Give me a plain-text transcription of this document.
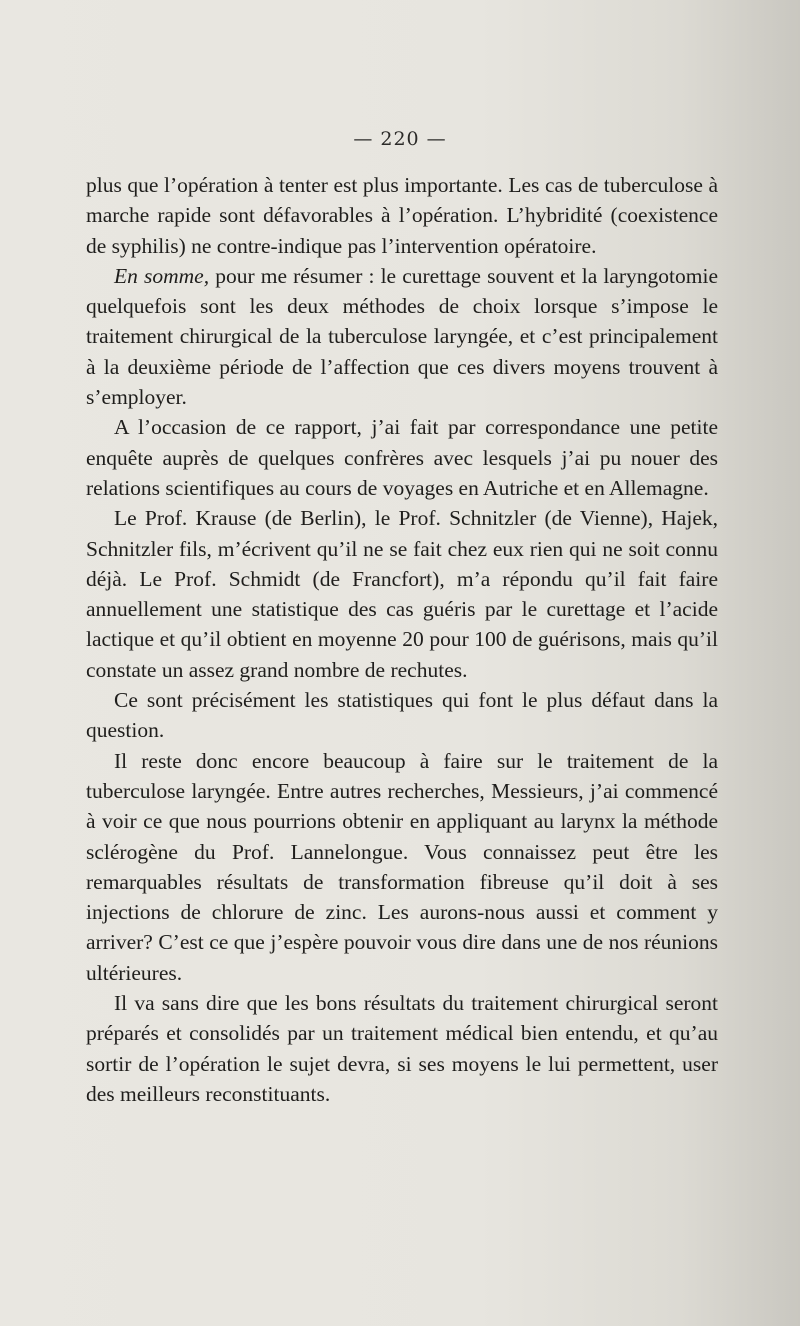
— 220 —

plus que l’opération à tenter est plus importante. Les cas de tuberculose à marche rapide sont défavorables à l’opération. L’hybridité (coexistence de syphilis) ne contre-indique pas l’intervention opératoire.

En somme, pour me résumer : le curettage souvent et la laryngotomie quelquefois sont les deux méthodes de choix lorsque s’impose le traitement chirurgical de la tuberculose laryngée, et c’est principalement à la deuxième période de l’affection que ces divers moyens trouvent à s’employer.

A l’occasion de ce rapport, j’ai fait par correspondance une petite enquête auprès de quelques confrères avec lesquels j’ai pu nouer des relations scientifiques au cours de voyages en Autriche et en Allemagne.

Le Prof. Krause (de Berlin), le Prof. Schnitzler (de Vienne), Hajek, Schnitzler fils, m’écrivent qu’il ne se fait chez eux rien qui ne soit connu déjà. Le Prof. Schmidt (de Francfort), m’a répondu qu’il fait faire annuellement une statistique des cas guéris par le curettage et l’acide lactique et qu’il obtient en moyenne 20 pour 100 de guérisons, mais qu’il constate un assez grand nombre de rechutes.

Ce sont précisément les statistiques qui font le plus défaut dans la question.

Il reste donc encore beaucoup à faire sur le traitement de la tuberculose laryngée. Entre autres recherches, Messieurs, j’ai commencé à voir ce que nous pourrions obtenir en appliquant au larynx la méthode sclérogène du Prof. Lannelongue. Vous connaissez peut être les remarquables résultats de transformation fibreuse qu’il doit à ses injections de chlorure de zinc. Les aurons-nous aussi et comment y arriver? C’est ce que j’espère pouvoir vous dire dans une de nos réunions ultérieures.

Il va sans dire que les bons résultats du traitement chirurgical seront préparés et consolidés par un traitement médical bien entendu, et qu’au sortir de l’opération le sujet devra, si ses moyens le lui permettent, user des meilleurs reconstituants.
